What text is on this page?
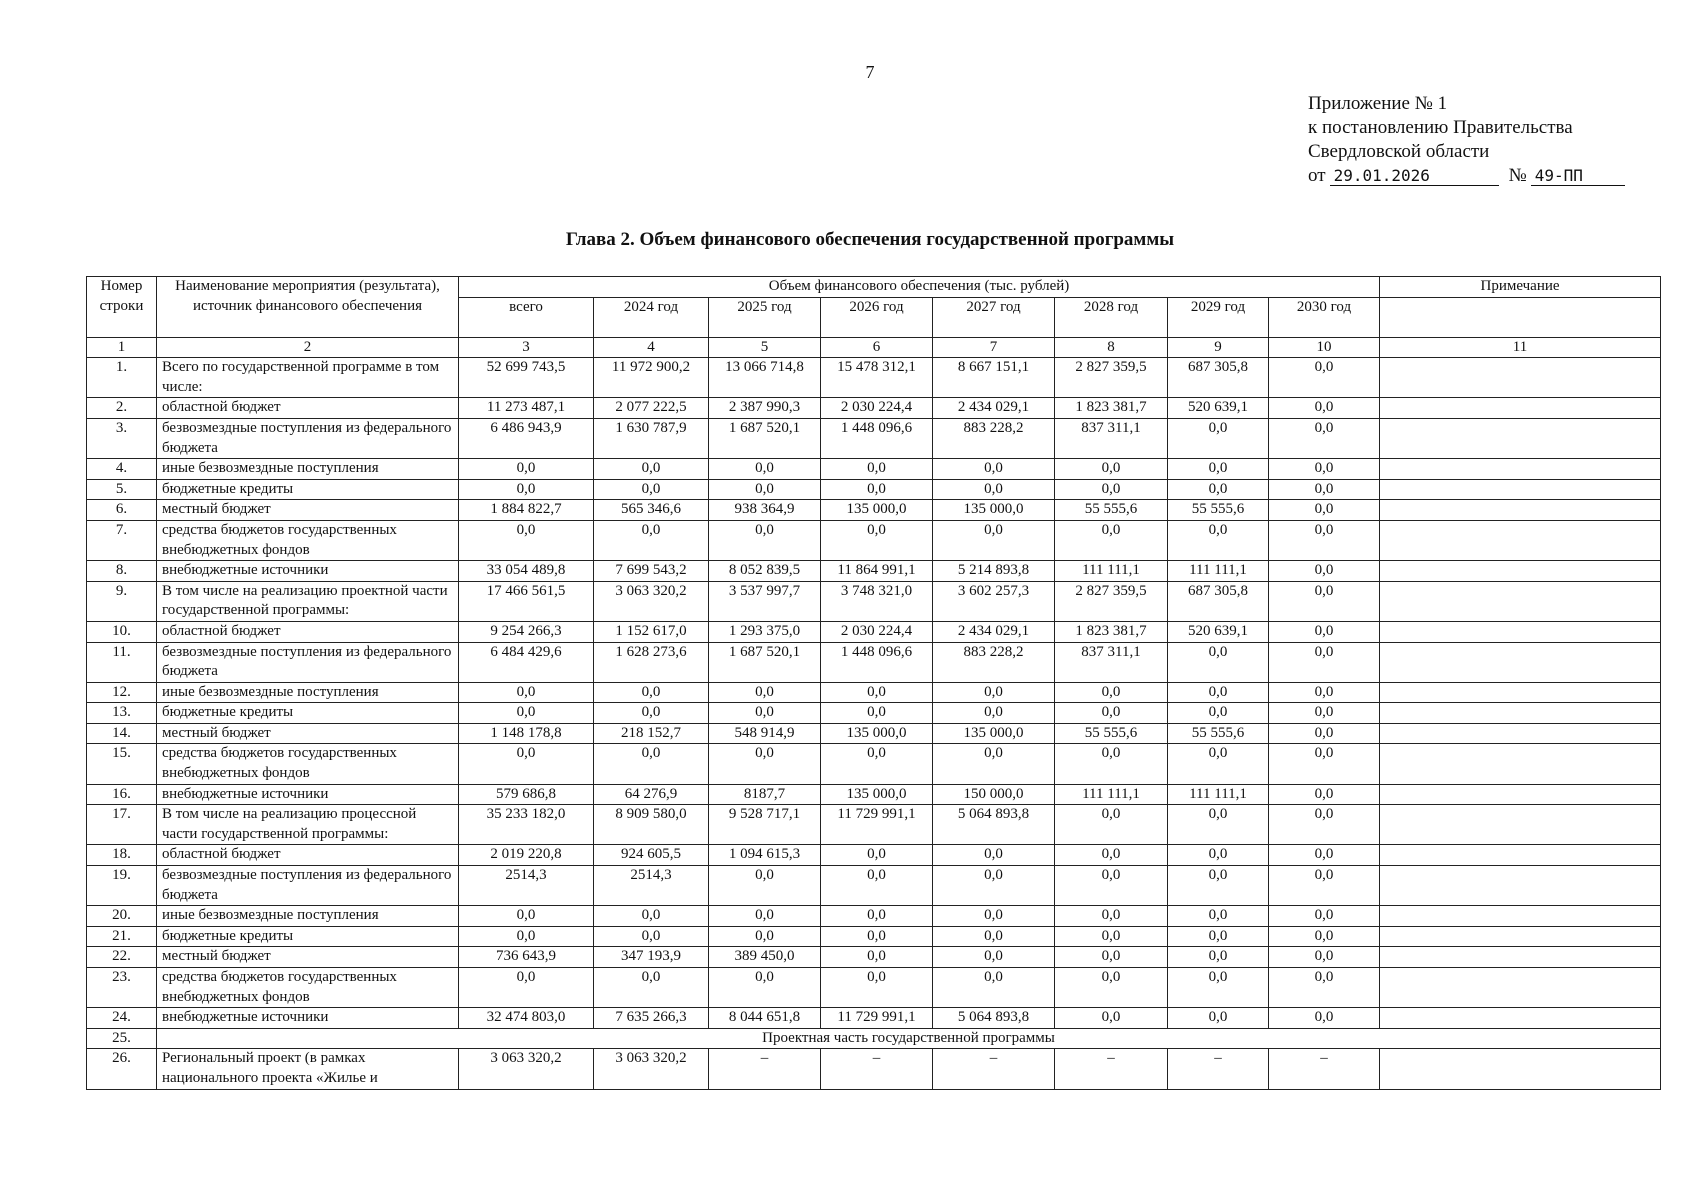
7
Приложение № 1
к постановлению Правительства
Свердловской области
от 29.01.2026	№ 49-ПП
Глава 2. Объем финансового обеспечения государственной программы
Номер строки	Наименование мероприятия (результата), источник финансового обеспечения	Объем финансового обеспечения (тыс. рублей)								Примечание
		всего	2024 год	2025 год	2026 год	2027 год	2028 год	2029 год	2030 год	
1	2	3	4	5	6	7	8	9	10	11
1.	Всего по государственной программе в том числе:	52 699 743,5	11 972 900,2	13 066 714,8	15 478 312,1	8 667 151,1	2 827 359,5	687 305,8	0,0	
2.	областной бюджет	11 273 487,1	2 077 222,5	2 387 990,3	2 030 224,4	2 434 029,1	1 823 381,7	520 639,1	0,0	
3.	безвозмездные поступления из федерального бюджета	6 486 943,9	1 630 787,9	1 687 520,1	1 448 096,6	883 228,2	837 311,1	0,0	0,0	
4.	иные безвозмездные поступления	0,0	0,0	0,0	0,0	0,0	0,0	0,0	0,0	
5.	бюджетные кредиты	0,0	0,0	0,0	0,0	0,0	0,0	0,0	0,0	
6.	местный бюджет	1 884 822,7	565 346,6	938 364,9	135 000,0	135 000,0	55 555,6	55 555,6	0,0	
7.	средства бюджетов государственных внебюджетных фондов	0,0	0,0	0,0	0,0	0,0	0,0	0,0	0,0	
8.	внебюджетные источники	33 054 489,8	7 699 543,2	8 052 839,5	11 864 991,1	5 214 893,8	111 111,1	111 111,1	0,0	
9.	В том числе на реализацию проектной части государственной программы:	17 466 561,5	3 063 320,2	3 537 997,7	3 748 321,0	3 602 257,3	2 827 359,5	687 305,8	0,0	
10.	областной бюджет	9 254 266,3	1 152 617,0	1 293 375,0	2 030 224,4	2 434 029,1	1 823 381,7	520 639,1	0,0	
11.	безвозмездные поступления из федерального бюджета	6 484 429,6	1 628 273,6	1 687 520,1	1 448 096,6	883 228,2	837 311,1	0,0	0,0	
12.	иные безвозмездные поступления	0,0	0,0	0,0	0,0	0,0	0,0	0,0	0,0	
13.	бюджетные кредиты	0,0	0,0	0,0	0,0	0,0	0,0	0,0	0,0	
14.	местный бюджет	1 148 178,8	218 152,7	548 914,9	135 000,0	135 000,0	55 555,6	55 555,6	0,0	
15.	средства бюджетов государственных внебюджетных фондов	0,0	0,0	0,0	0,0	0,0	0,0	0,0	0,0	
16.	внебюджетные источники	579 686,8	64 276,9	8187,7	135 000,0	150 000,0	111 111,1	111 111,1	0,0	
17.	В том числе на реализацию процессной части государственной программы:	35 233 182,0	8 909 580,0	9 528 717,1	11 729 991,1	5 064 893,8	0,0	0,0	0,0	
18.	областной бюджет	2 019 220,8	924 605,5	1 094 615,3	0,0	0,0	0,0	0,0	0,0	
19.	безвозмездные поступления из федерального бюджета	2514,3	2514,3	0,0	0,0	0,0	0,0	0,0	0,0	
20.	иные безвозмездные поступления	0,0	0,0	0,0	0,0	0,0	0,0	0,0	0,0	
21.	бюджетные кредиты	0,0	0,0	0,0	0,0	0,0	0,0	0,0	0,0	
22.	местный бюджет	736 643,9	347 193,9	389 450,0	0,0	0,0	0,0	0,0	0,0	
23.	средства бюджетов государственных внебюджетных фондов	0,0	0,0	0,0	0,0	0,0	0,0	0,0	0,0	
24.	внебюджетные источники	32 474 803,0	7 635 266,3	8 044 651,8	11 729 991,1	5 064 893,8	0,0	0,0	0,0	
25.	Проектная часть государственной программы									
26.	Региональный проект (в рамках национального проекта «Жилье и	3 063 320,2	3 063 320,2	–	–	–	–	–	–	
